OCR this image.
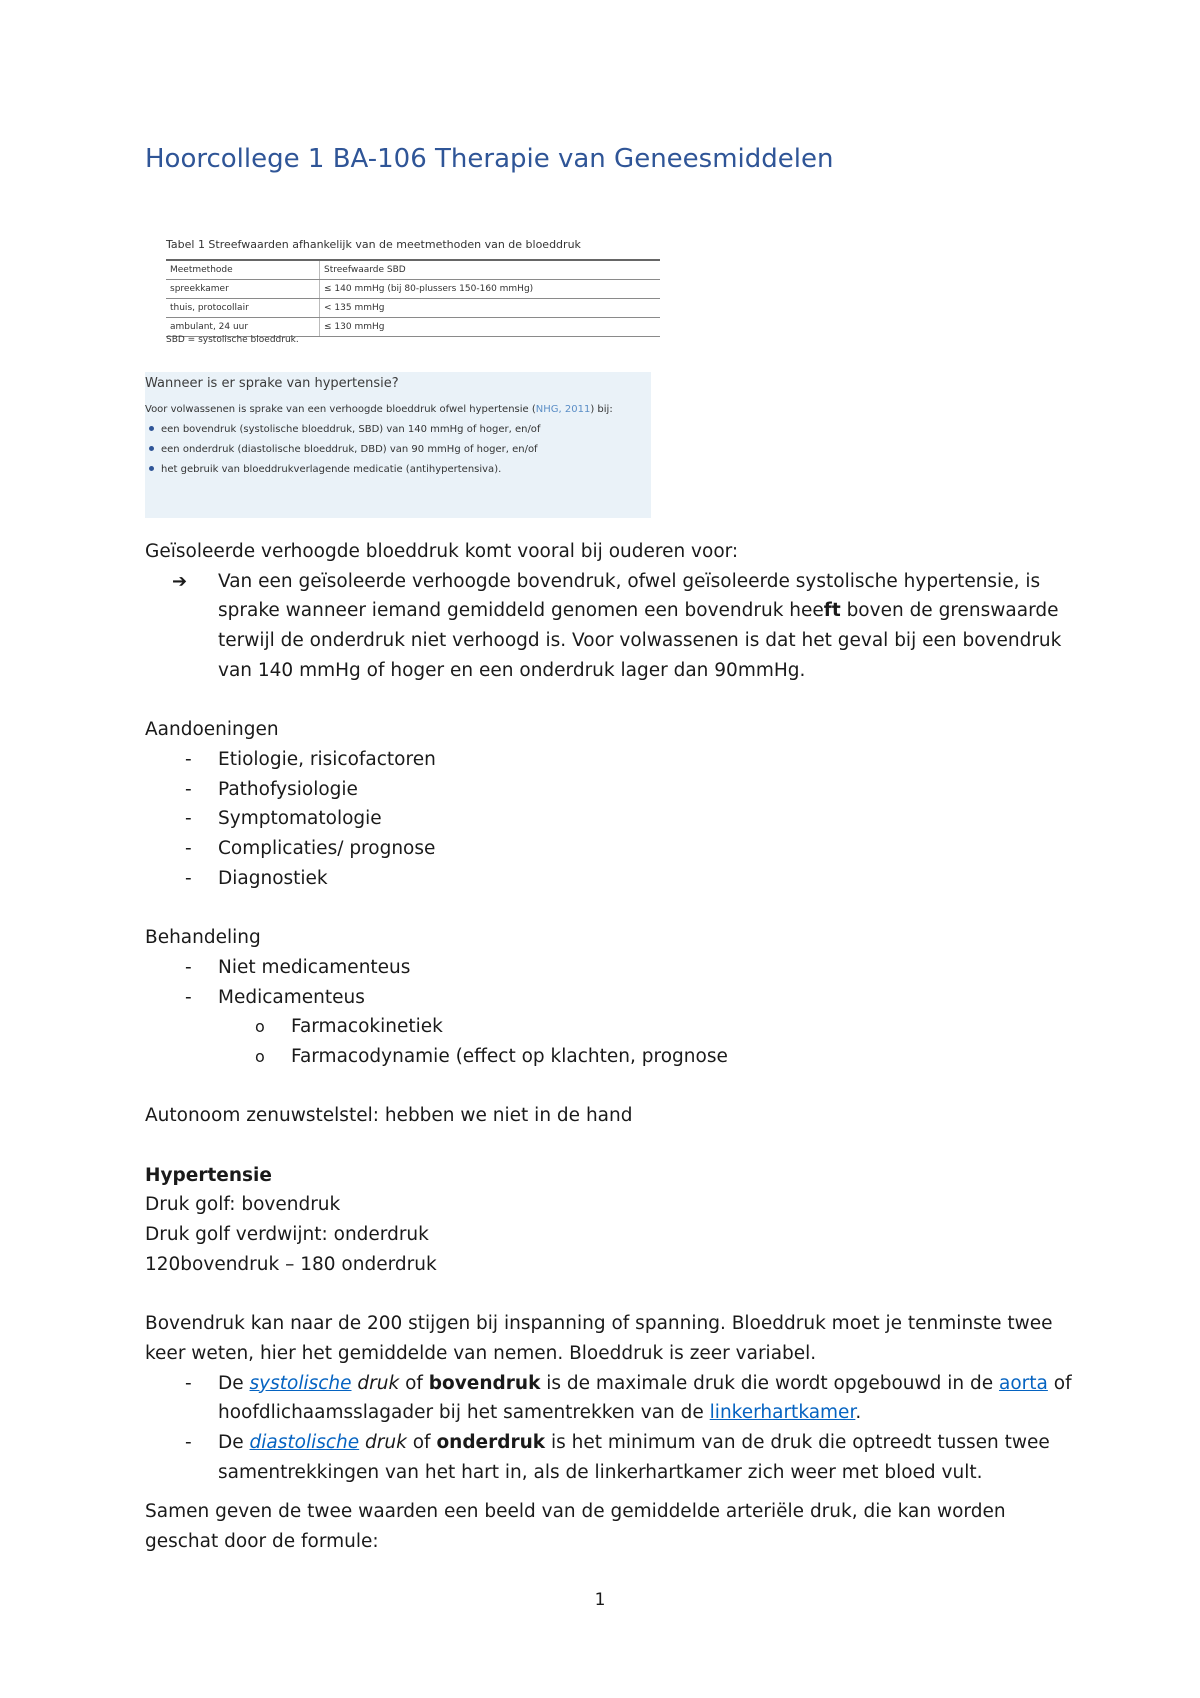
Hoorcollege 1 BA-106 Therapie van Geneesmiddelen
Tabel 1 Streefwaarden afhankelijk van de meetmethoden van de bloeddruk
Meetmethode	Streefwaarde SBD
spreekkamer	≤ 140 mmHg (bij 80-plussers 150-160 mmHg)
thuis, protocollair	< 135 mmHg
ambulant, 24 uur	≤ 130 mmHg
SBD = systolische bloeddruk.
Wanneer is er sprake van hypertensie?
Voor volwassenen is sprake van een verhoogde bloeddruk ofwel hypertensie (NHG, 2011) bij:
een bovendruk (systolische bloeddruk, SBD) van 140 mmHg of hoger, en/of
een onderdruk (diastolische bloeddruk, DBD) van 90 mmHg of hoger, en/of
het gebruik van bloeddrukverlagende medicatie (antihypertensiva).

Geïsoleerde verhoogde bloeddruk komt vooral bij ouderen voor:

➔ Van een geïsoleerde verhoogde bovendruk, ofwel geïsoleerde systolische hypertensie, is sprake wanneer iemand gemiddeld genomen een bovendruk heeft boven de grenswaarde terwijl de onderdruk niet verhoogd is. Voor volwassenen is dat het geval bij een bovendruk van 140 mmHg of hoger en een onderdruk lager dan 90mmHg.

Aandoeningen

- Etiologie, risicofactoren
- Pathofysiologie
- Symptomatologie
- Complicaties/ prognose
- Diagnostiek

Behandeling

- Niet medicamenteus
- Medicamenteus
o Farmacokinetiek
o Farmacodynamie (effect op klachten, prognose

Autonoom zenuwstelstel: hebben we niet in de hand

Hypertensie

Druk golf: bovendruk

Druk golf verdwijnt: onderdruk

120bovendruk – 180 onderdruk

Bovendruk kan naar de 200 stijgen bij inspanning of spanning. Bloeddruk moet je tenminste twee keer weten, hier het gemiddelde van nemen. Bloeddruk is zeer variabel.

- De systolische druk of bovendruk is de maximale druk die wordt opgebouwd in de aorta of hoofdlichaamsslagader bij het samentrekken van de linkerhartkamer.
- De diastolische druk of onderdruk is het minimum van de druk die optreedt tussen twee samentrekkingen van het hart in, als de linkerhartkamer zich weer met bloed vult.

Samen geven de twee waarden een beeld van de gemiddelde arteriële druk, die kan worden geschat door de formule:

1
